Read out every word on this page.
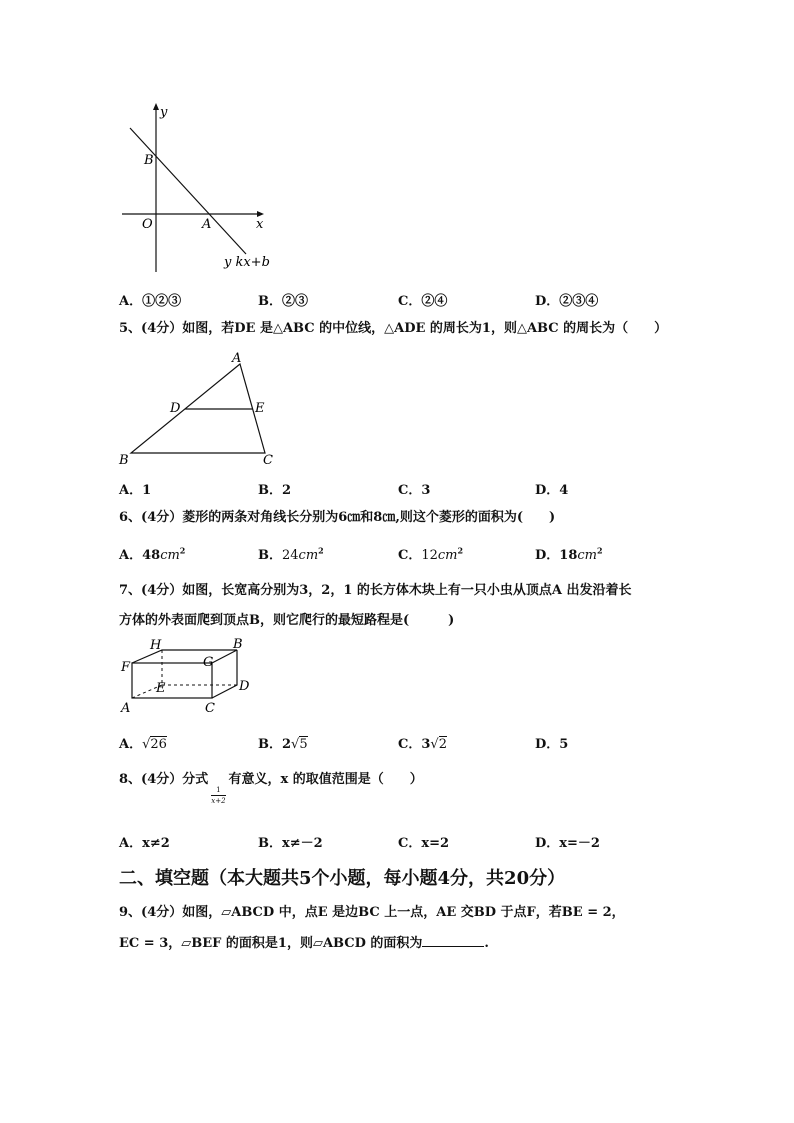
y
B
O	A	x
y kx+b
A．①②③	B．②③	C．②④	D．②③④
5、(4分）如图，若DE 是△ABC 的中位线，△ADE 的周长为1，则△ABC 的周长为（　　）
A
D	E
B	C
A．1	B．2	C．3	D．4
6、(4分）菱形的两条对角线长分别为6㎝和8㎝,则这个菱形的面积为(　　)
A．$48cm^2$	B．$24cm^2$	C．$12cm^2$	D．$18cm^2$
7、(4分）如图，长宽高分别为3，2，1 的长方体木块上有一只小虫从顶点A 出发沿着长
方体的外表面爬到顶点B，则它爬行的最短路程是(　　　)
H	B
F	G
E	D
A	C
A．√26	B．2√5	C．3√2	D．5
8、(4分）分式
$\frac{1}{x+2}$
有意义，x 的取值范围是（　　）
A．x≠2	B．x≠－2	C．x=2	D．x=－2
二、填空题（本大题共5个小题，每小题4分，共20分）
9、(4分）如图，▱ABCD 中，点E 是边BC 上一点，AE 交BD 于点F，若BE = 2，
EC = 3，▱BEF 的面积是1，则▱ABCD 的面积为	.
